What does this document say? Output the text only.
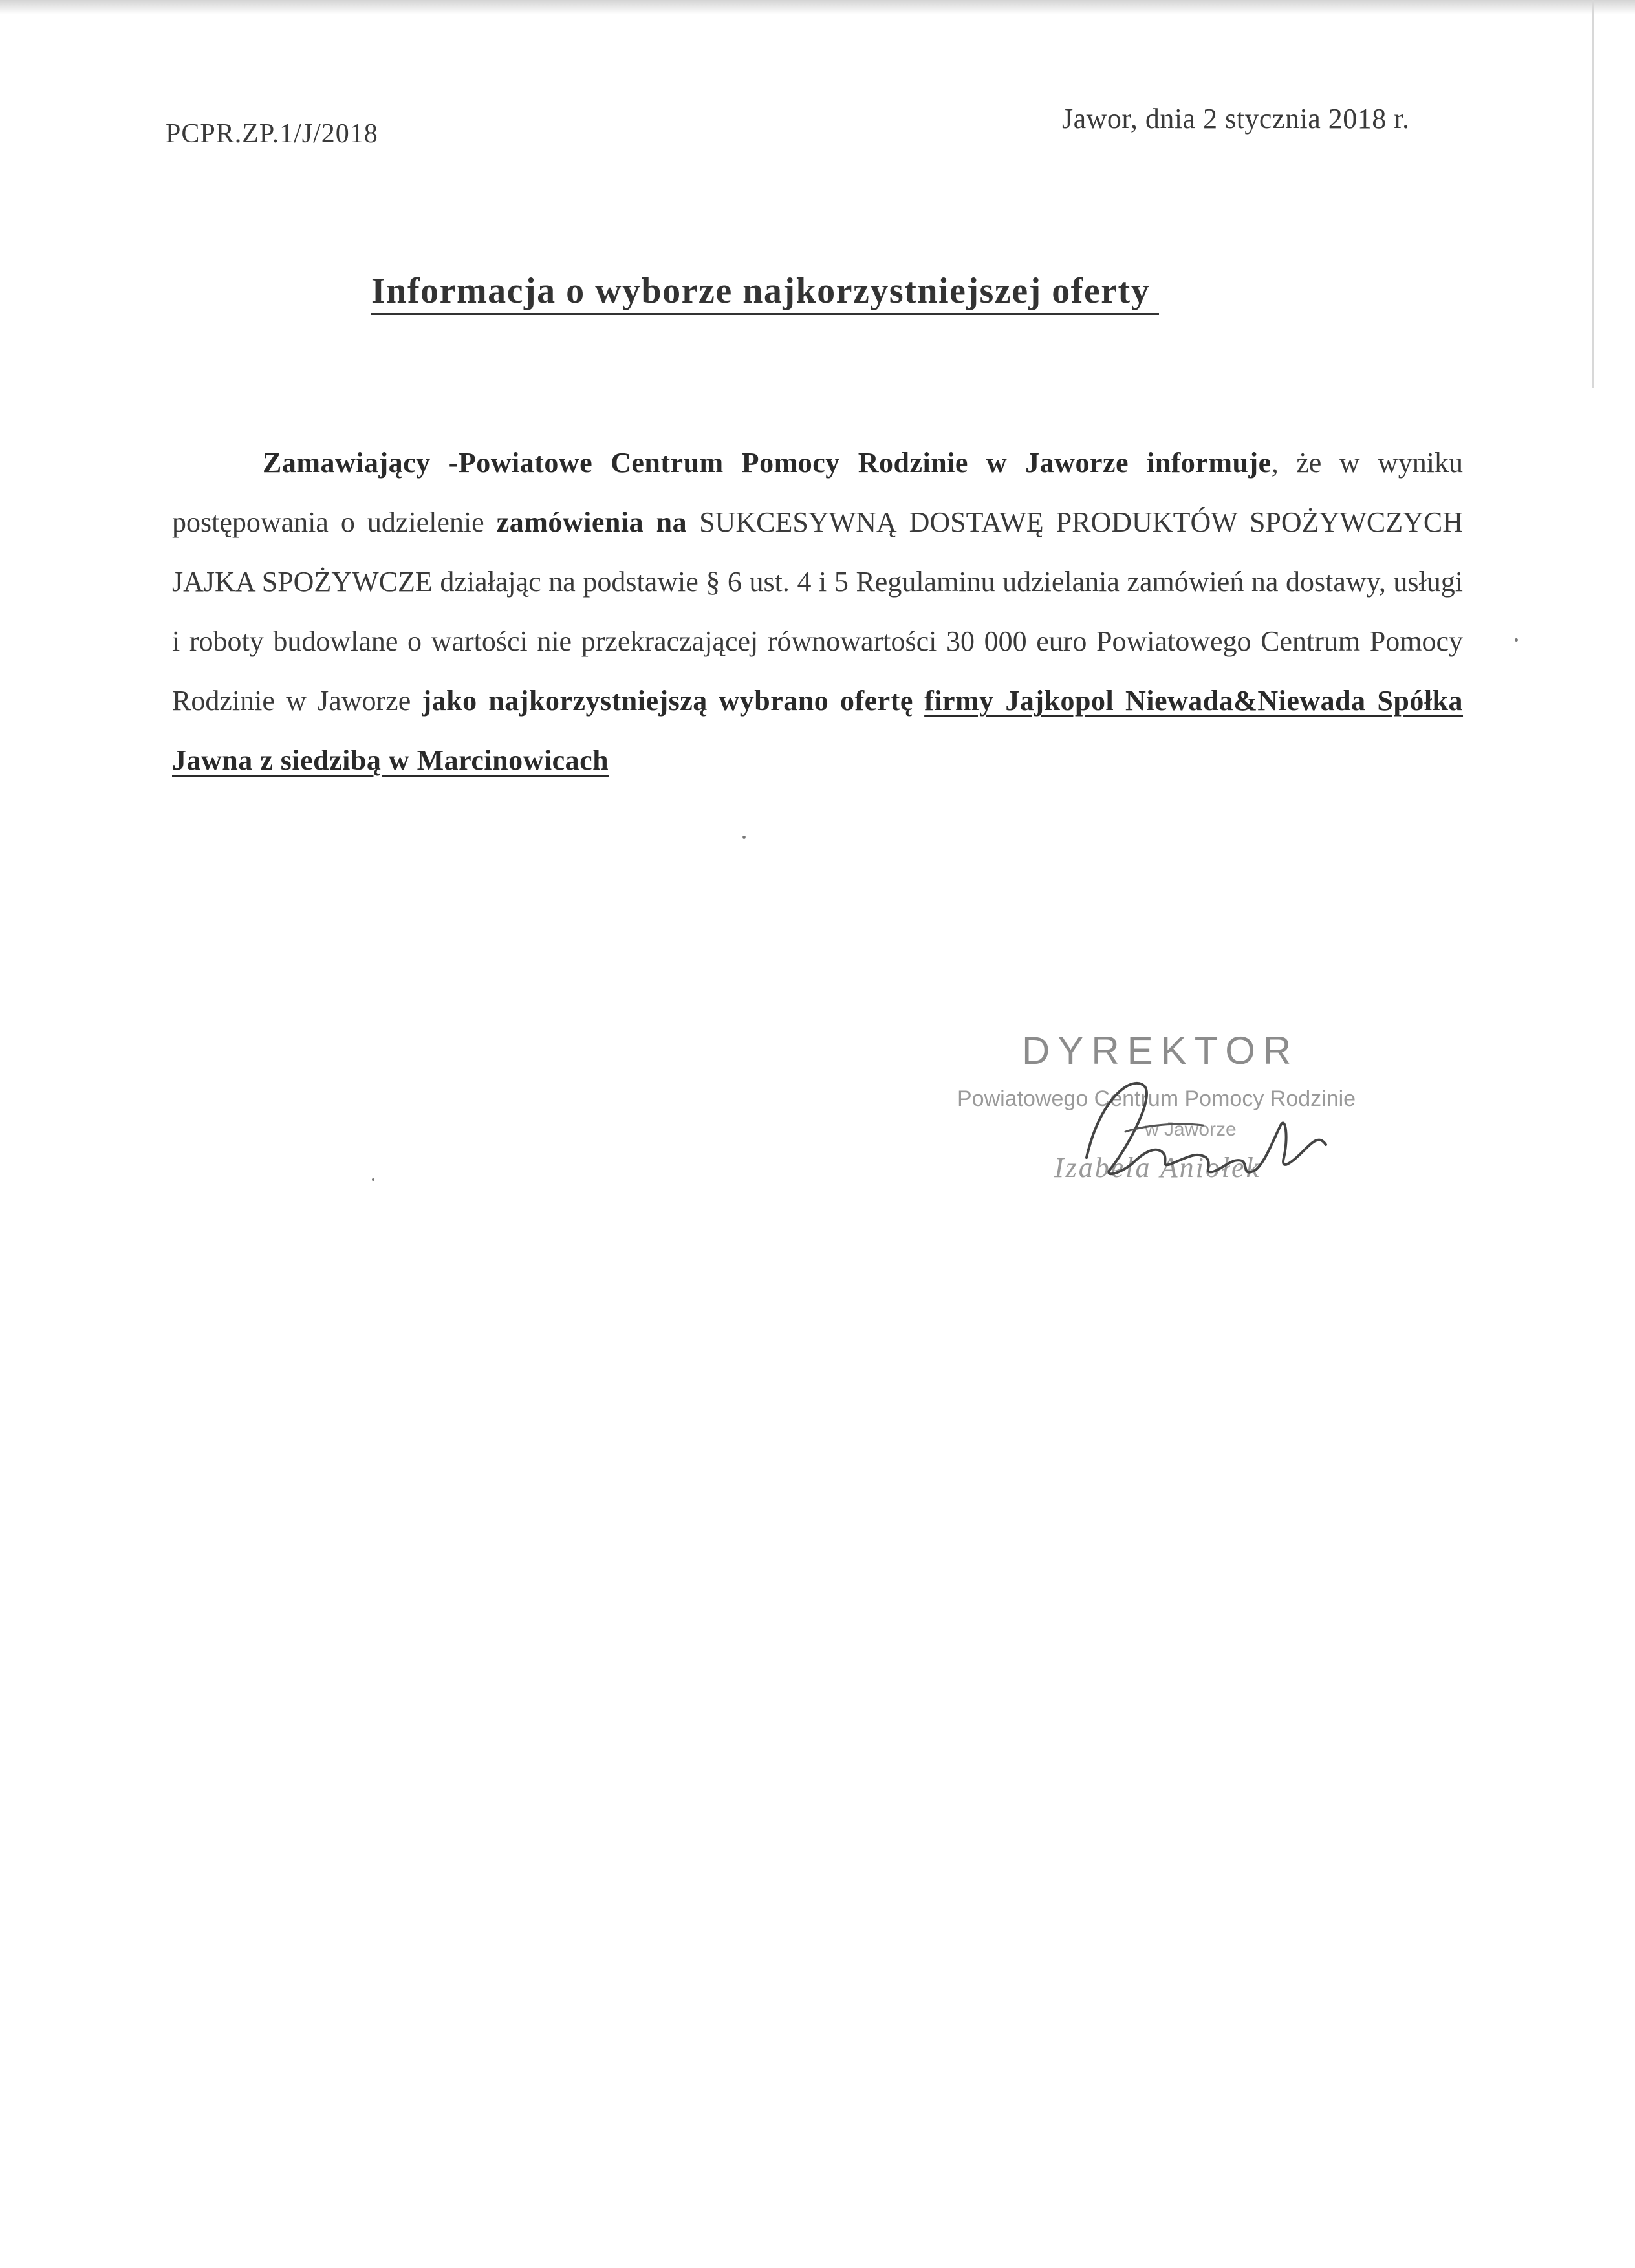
PCPR.ZP.1/J/2018	Jawor, dnia 2 stycznia 2018 r.
Informacja o wyborze najkorzystniejszej oferty
Zamawiający -Powiatowe Centrum Pomocy Rodzinie w Jaworze informuje, że w wyniku postępowania o udzielenie zamówienia na SUKCESYWNĄ DOSTAWĘ PRODUKTÓW SPOŻYWCZYCH JAJKA SPOŻYWCZE działając na podstawie § 6 ust. 4 i 5 Regulaminu udzielania zamówień na dostawy, usługi i roboty budowlane o wartości nie przekraczającej równowartości 30 000 euro Powiatowego Centrum Pomocy Rodzinie w Jaworze jako najkorzystniejszą wybrano ofertę firmy Jajkopol Niewada&Niewada Spółka Jawna z siedzibą w Marcinowicach
DYREKTOR
Powiatowego Centrum Pomocy Rodzinie
w Jaworze
Izabela Aniołek
